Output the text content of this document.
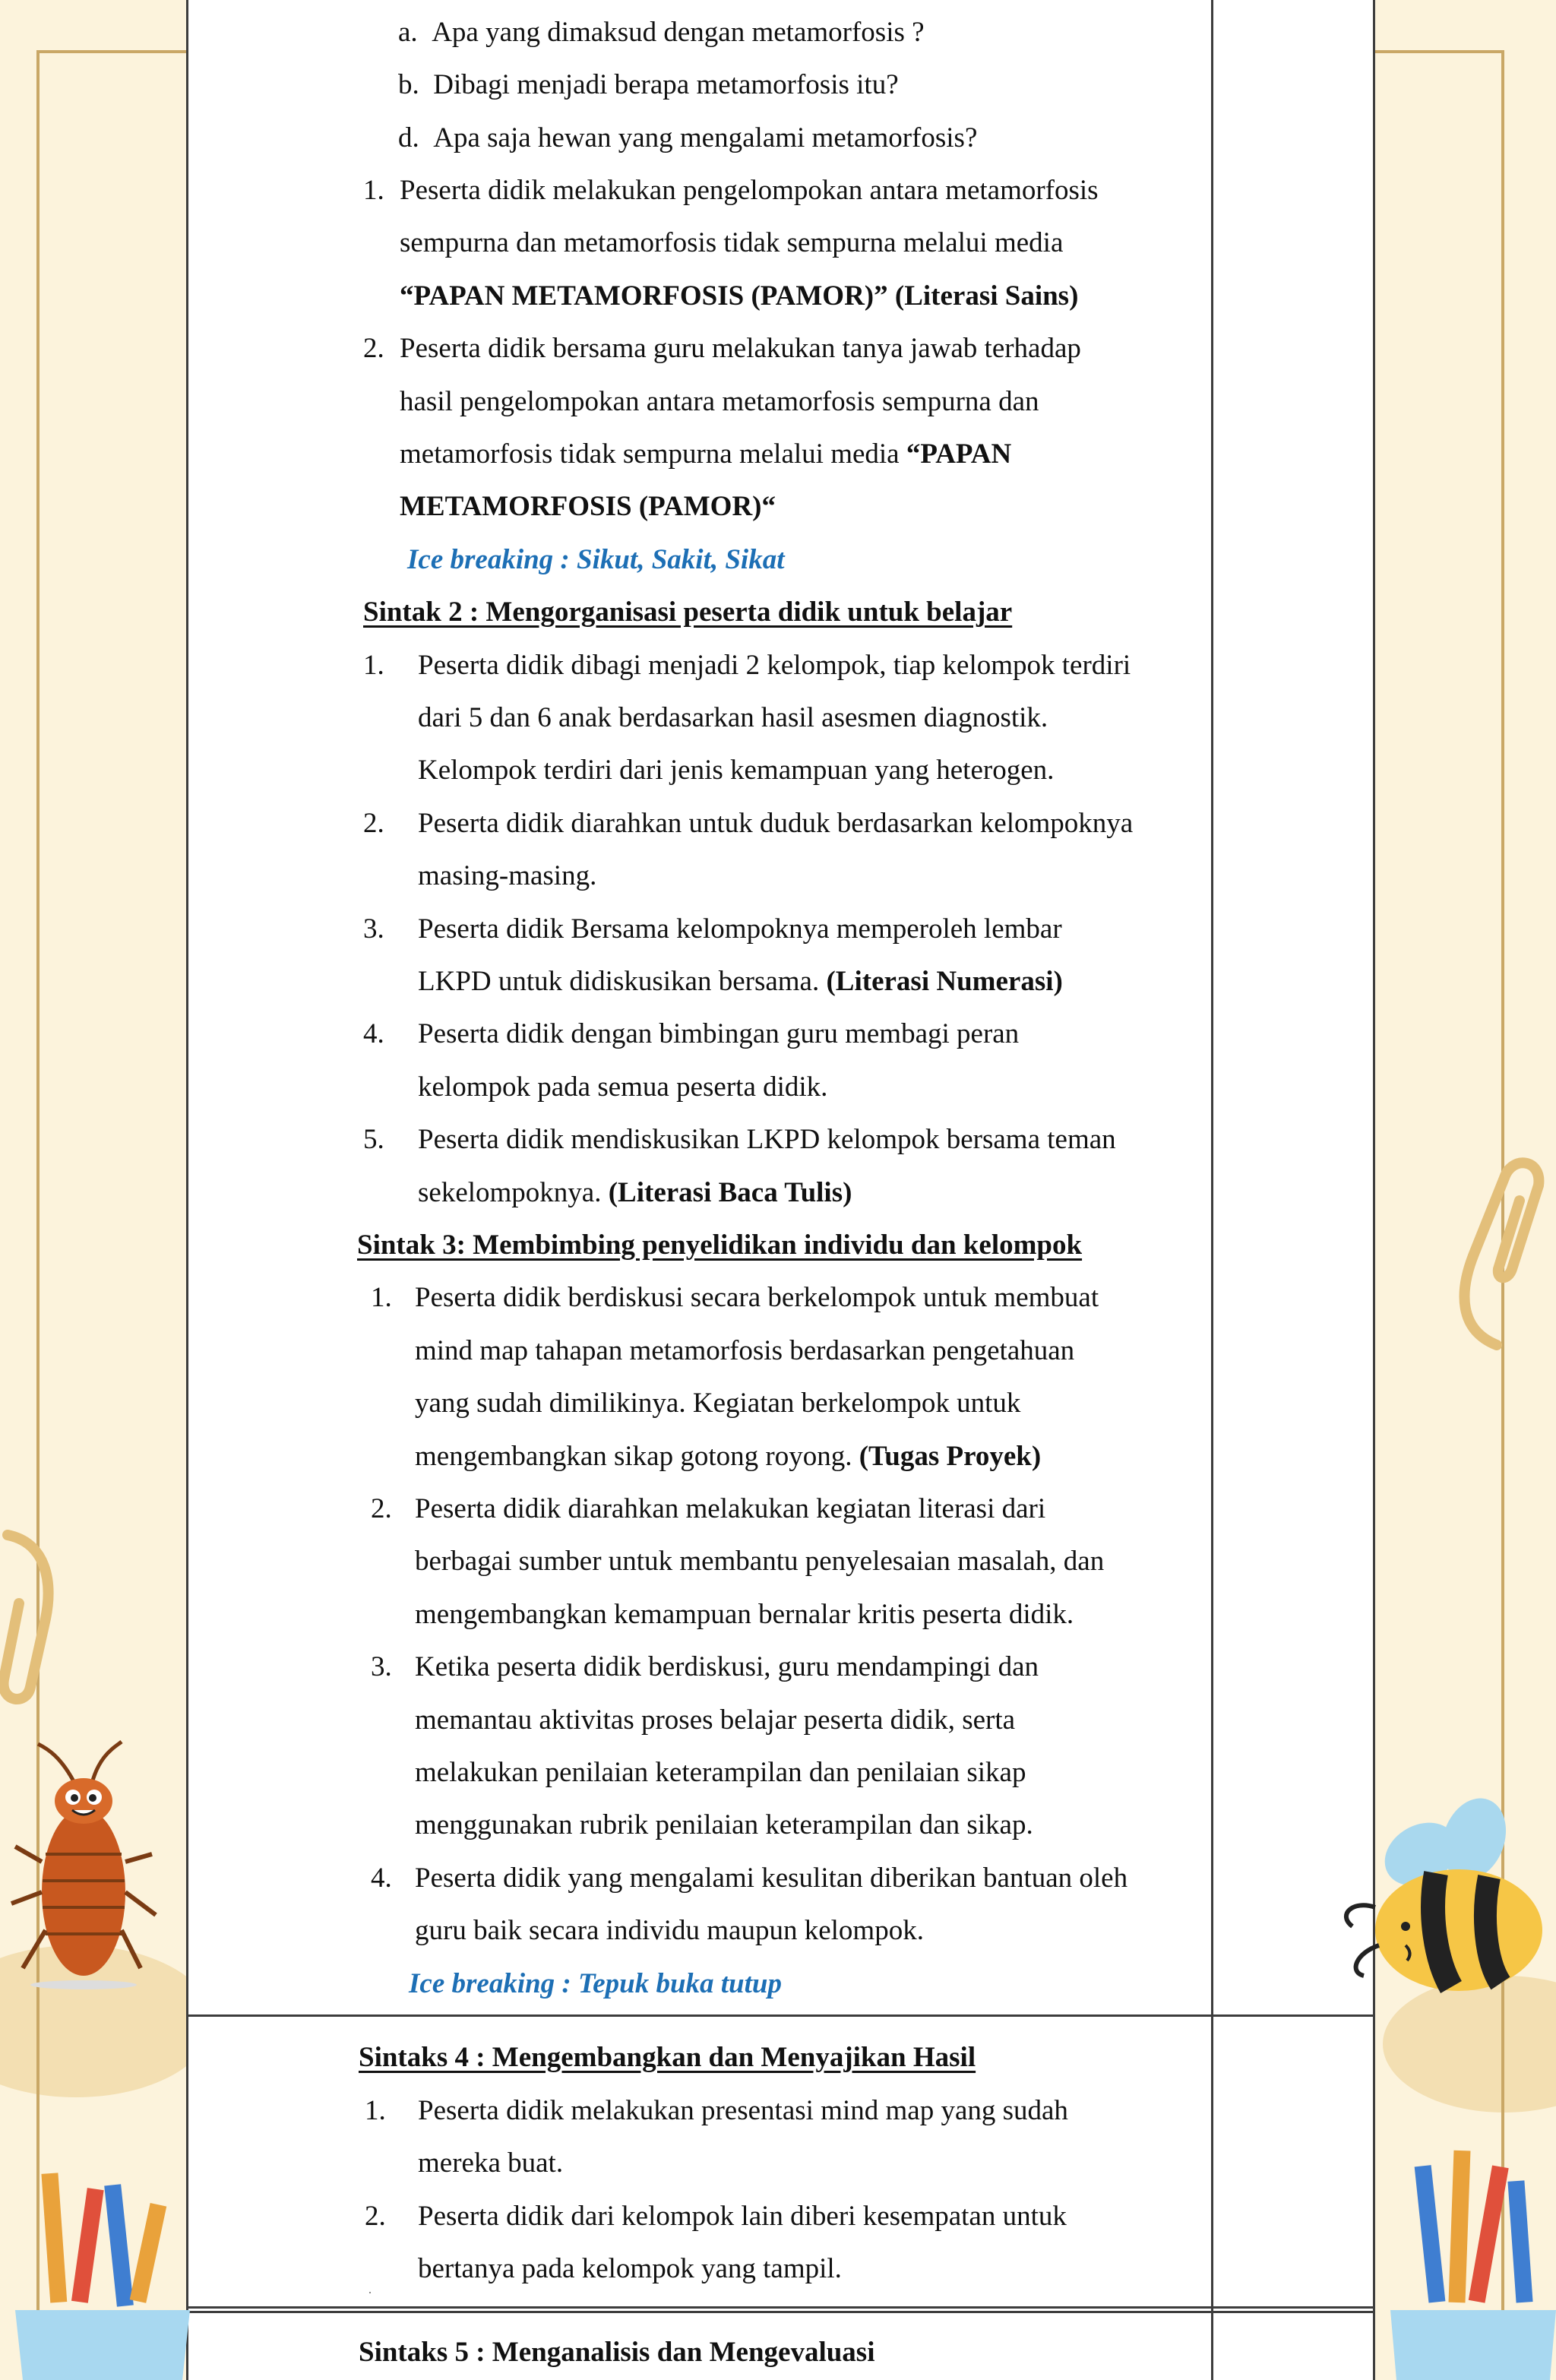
a. Apa yang dimaksud dengan metamorfosis ?
b. Dibagi menjadi berapa metamorfosis itu?
d. Apa saja hewan yang mengalami metamorfosis?
1. Peserta didik melakukan pengelompokan antara metamorfosis
sempurna dan metamorfosis tidak sempurna melalui media
“PAPAN METAMORFOSIS (PAMOR)” (Literasi Sains)
2. Peserta didik bersama guru melakukan tanya jawab terhadap
hasil pengelompokan antara metamorfosis sempurna dan
metamorfosis tidak sempurna melalui media “PAPAN
METAMORFOSIS (PAMOR)“
Ice breaking : Sikut, Sakit, Sikat
Sintak 2 : Mengorganisasi peserta didik untuk belajar
1. Peserta didik dibagi menjadi 2 kelompok, tiap kelompok terdiri
dari 5 dan 6 anak berdasarkan hasil asesmen diagnostik.
Kelompok terdiri dari jenis kemampuan yang heterogen.
2. Peserta didik diarahkan untuk duduk berdasarkan kelompoknya
masing-masing.
3. Peserta didik Bersama kelompoknya memperoleh lembar
LKPD untuk didiskusikan bersama. (Literasi Numerasi)
4. Peserta didik dengan bimbingan guru membagi peran
kelompok pada semua peserta didik.
5. Peserta didik mendiskusikan LKPD kelompok bersama teman
sekelompoknya. (Literasi Baca Tulis)
Sintak 3: Membimbing penyelidikan individu dan kelompok
1. Peserta didik berdiskusi secara berkelompok untuk membuat
mind map tahapan metamorfosis berdasarkan pengetahuan
yang sudah dimilikinya. Kegiatan berkelompok untuk
mengembangkan sikap gotong royong. (Tugas Proyek)
2. Peserta didik diarahkan melakukan kegiatan literasi dari
berbagai sumber untuk membantu penyelesaian masalah, dan
mengembangkan kemampuan bernalar kritis peserta didik.
3. Ketika peserta didik berdiskusi, guru mendampingi dan
memantau aktivitas proses belajar peserta didik, serta
melakukan penilaian keterampilan dan penilaian sikap
menggunakan rubrik penilaian keterampilan dan sikap.
4. Peserta didik yang mengalami kesulitan diberikan bantuan oleh
guru baik secara individu maupun kelompok.
Ice breaking : Tepuk buka tutup
Sintaks 4 : Mengembangkan dan Menyajikan Hasil
1. Peserta didik melakukan presentasi mind map yang sudah
mereka buat.
2. Peserta didik dari kelompok lain diberi kesempatan untuk
bertanya pada kelompok yang tampil.
·
Sintaks 5 : Menganalisis dan Mengevaluasi
